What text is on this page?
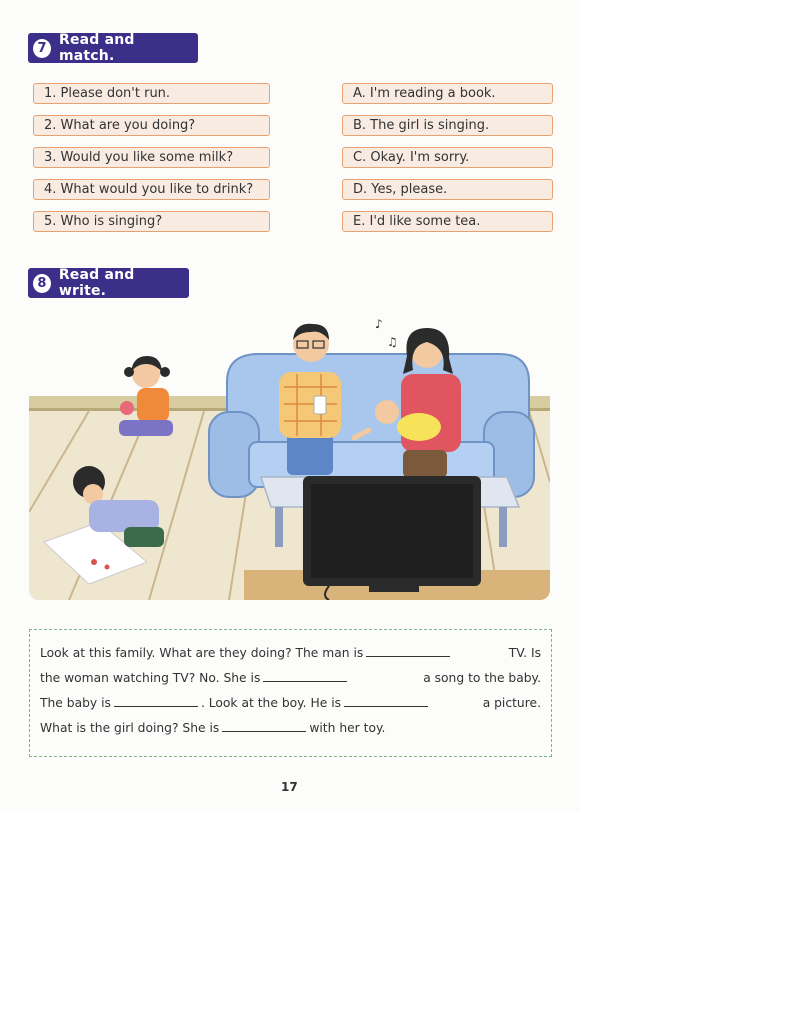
7 Read and match.
1. Please don't run.
2. What are you doing?
3. Would you like some milk?
4. What would you like to drink?
5. Who is singing?
A. I'm reading a book.
B. The girl is singing.
C. Okay. I'm sorry.
D. Yes, please.
E. I'd like some tea.
8 Read and write.
♪
♫
Look at this family. What are they doing? The man is	TV. Is
the woman watching TV? No. She is	a song to the baby.
The baby is	. Look at the boy. He is	a picture.
What is the girl doing? She is	with her toy.
17
